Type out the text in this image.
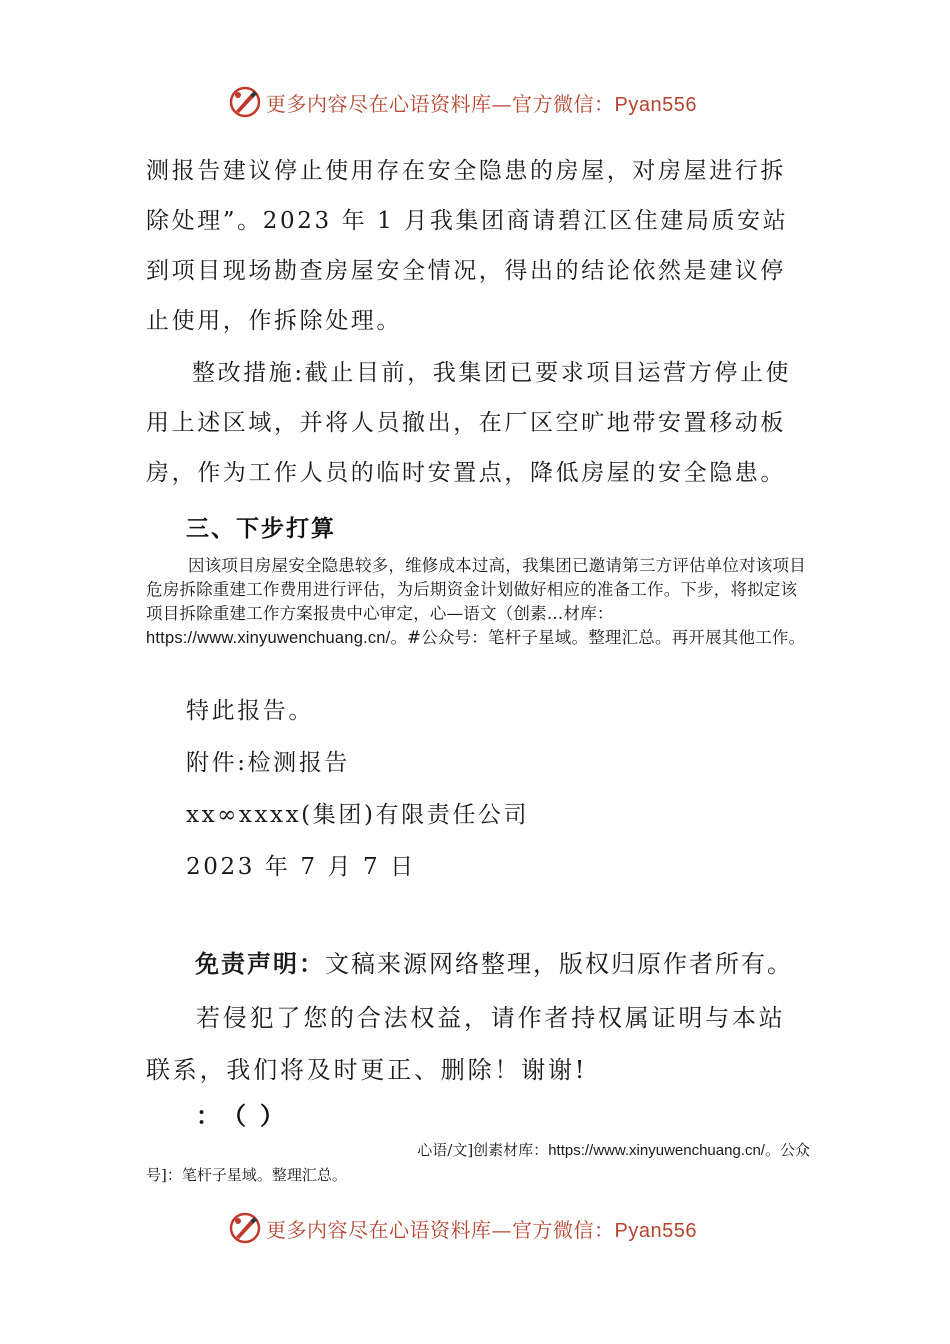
更多内容尽在心语资料库—官方微信：Pyan556

测报告建议停止使用存在安全隐患的房屋，对房屋进行拆除处理”。2023 年 1 月我集团商请碧江区住建局质安站到项目现场勘查房屋安全情况，得出的结论依然是建议停止使用，作拆除处理。

整改措施:截止目前，我集团已要求项目运营方停止使用上述区域，并将人员撤出，在厂区空旷地带安置移动板房，作为工作人员的临时安置点，降低房屋的安全隐患。

三、下步打算
因该项目房屋安全隐患较多，维修成本过高，我集团已邀请第三方评估单位对该项目危房拆除重建工作费用进行评估，为后期资金计划做好相应的准备工作。下步，将拟定该项目拆除重建工作方案报贵中心审定，心—语文（创素…材库：https://www.xinyuwenchuang.cn/。#公众号：笔杆子星域。整理汇总。再开展其他工作。
特此报告。
附件:检测报告
xx∞xxxx(集团)有限责任公司
2023 年 7 月 7 日
免责声明：文稿来源网络整理，版权归原作者所有。

若侵犯了您的合法权益，请作者持权属证明与本站联系，我们将及时更正、删除！谢谢!

：（）
心语/文]创素材库：https://www.xinyuwenchuang.cn/。公众
号]：笔杆子星域。整理汇总。
更多内容尽在心语资料库—官方微信：Pyan556
